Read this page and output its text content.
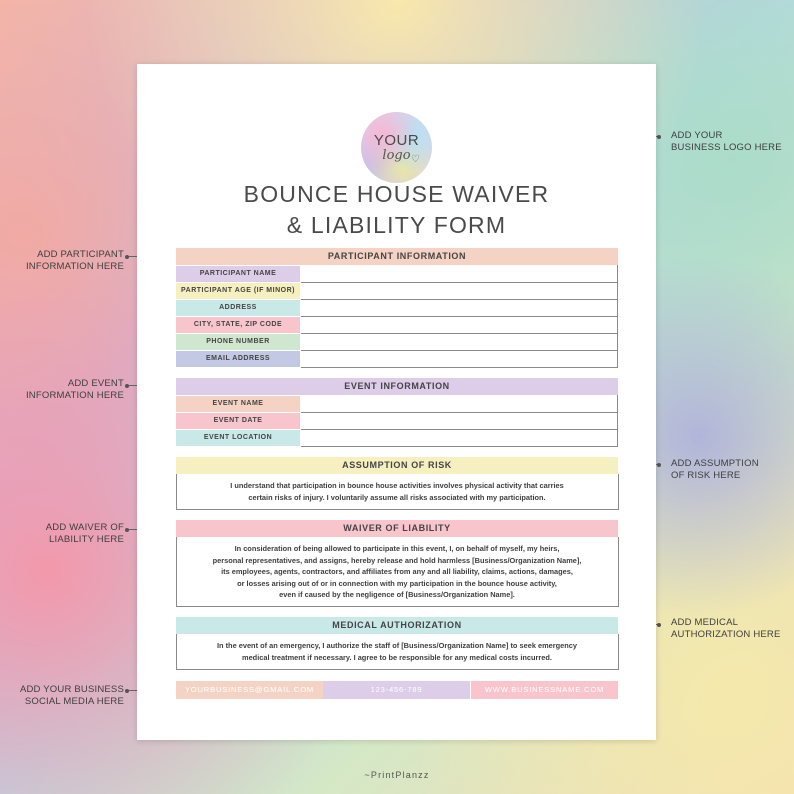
ADD PARTICIPANT
INFORMATION HERE
ADD EVENT
INFORMATION HERE
ADD WAIVER OF
LIABILITY HERE
ADD YOUR BUSINESS
SOCIAL MEDIA HERE
ADD YOUR
BUSINESS LOGO HERE
ADD ASSUMPTION
OF RISK HERE
ADD MEDICAL
AUTHORIZATION HERE
YOUR
logo ♡
BOUNCE HOUSE WAIVER
& LIABILITY FORM
PARTICIPANT INFORMATION
PARTICIPANT NAME
PARTICIPANT AGE (IF MINOR)
ADDRESS
CITY, STATE, ZIP CODE
PHONE NUMBER
EMAIL ADDRESS
EVENT INFORMATION
EVENT NAME
EVENT DATE
EVENT LOCATION
ASSUMPTION OF RISK
I understand that participation in bounce house activities involves physical activity that carries
certain risks of injury. I voluntarily assume all risks associated with my participation.
WAIVER OF LIABILITY
In consideration of being allowed to participate in this event, I, on behalf of myself, my heirs,
personal representatives, and assigns, hereby release and hold harmless [Business/Organization Name],
its employees, agents, contractors, and affiliates from any and all liability, claims, actions, damages,
or losses arising out of or in connection with my participation in the bounce house activity,
even if caused by the negligence of [Business/Organization Name].
MEDICAL AUTHORIZATION
In the event of an emergency, I authorize the staff of [Business/Organization Name] to seek emergency
medical treatment if necessary. I agree to be responsible for any medical costs incurred.
YOURBUSINESS@GMAIL.COM	123-456-789	WWW.BUSINESSNAME.COM
~PrintPlanzz
